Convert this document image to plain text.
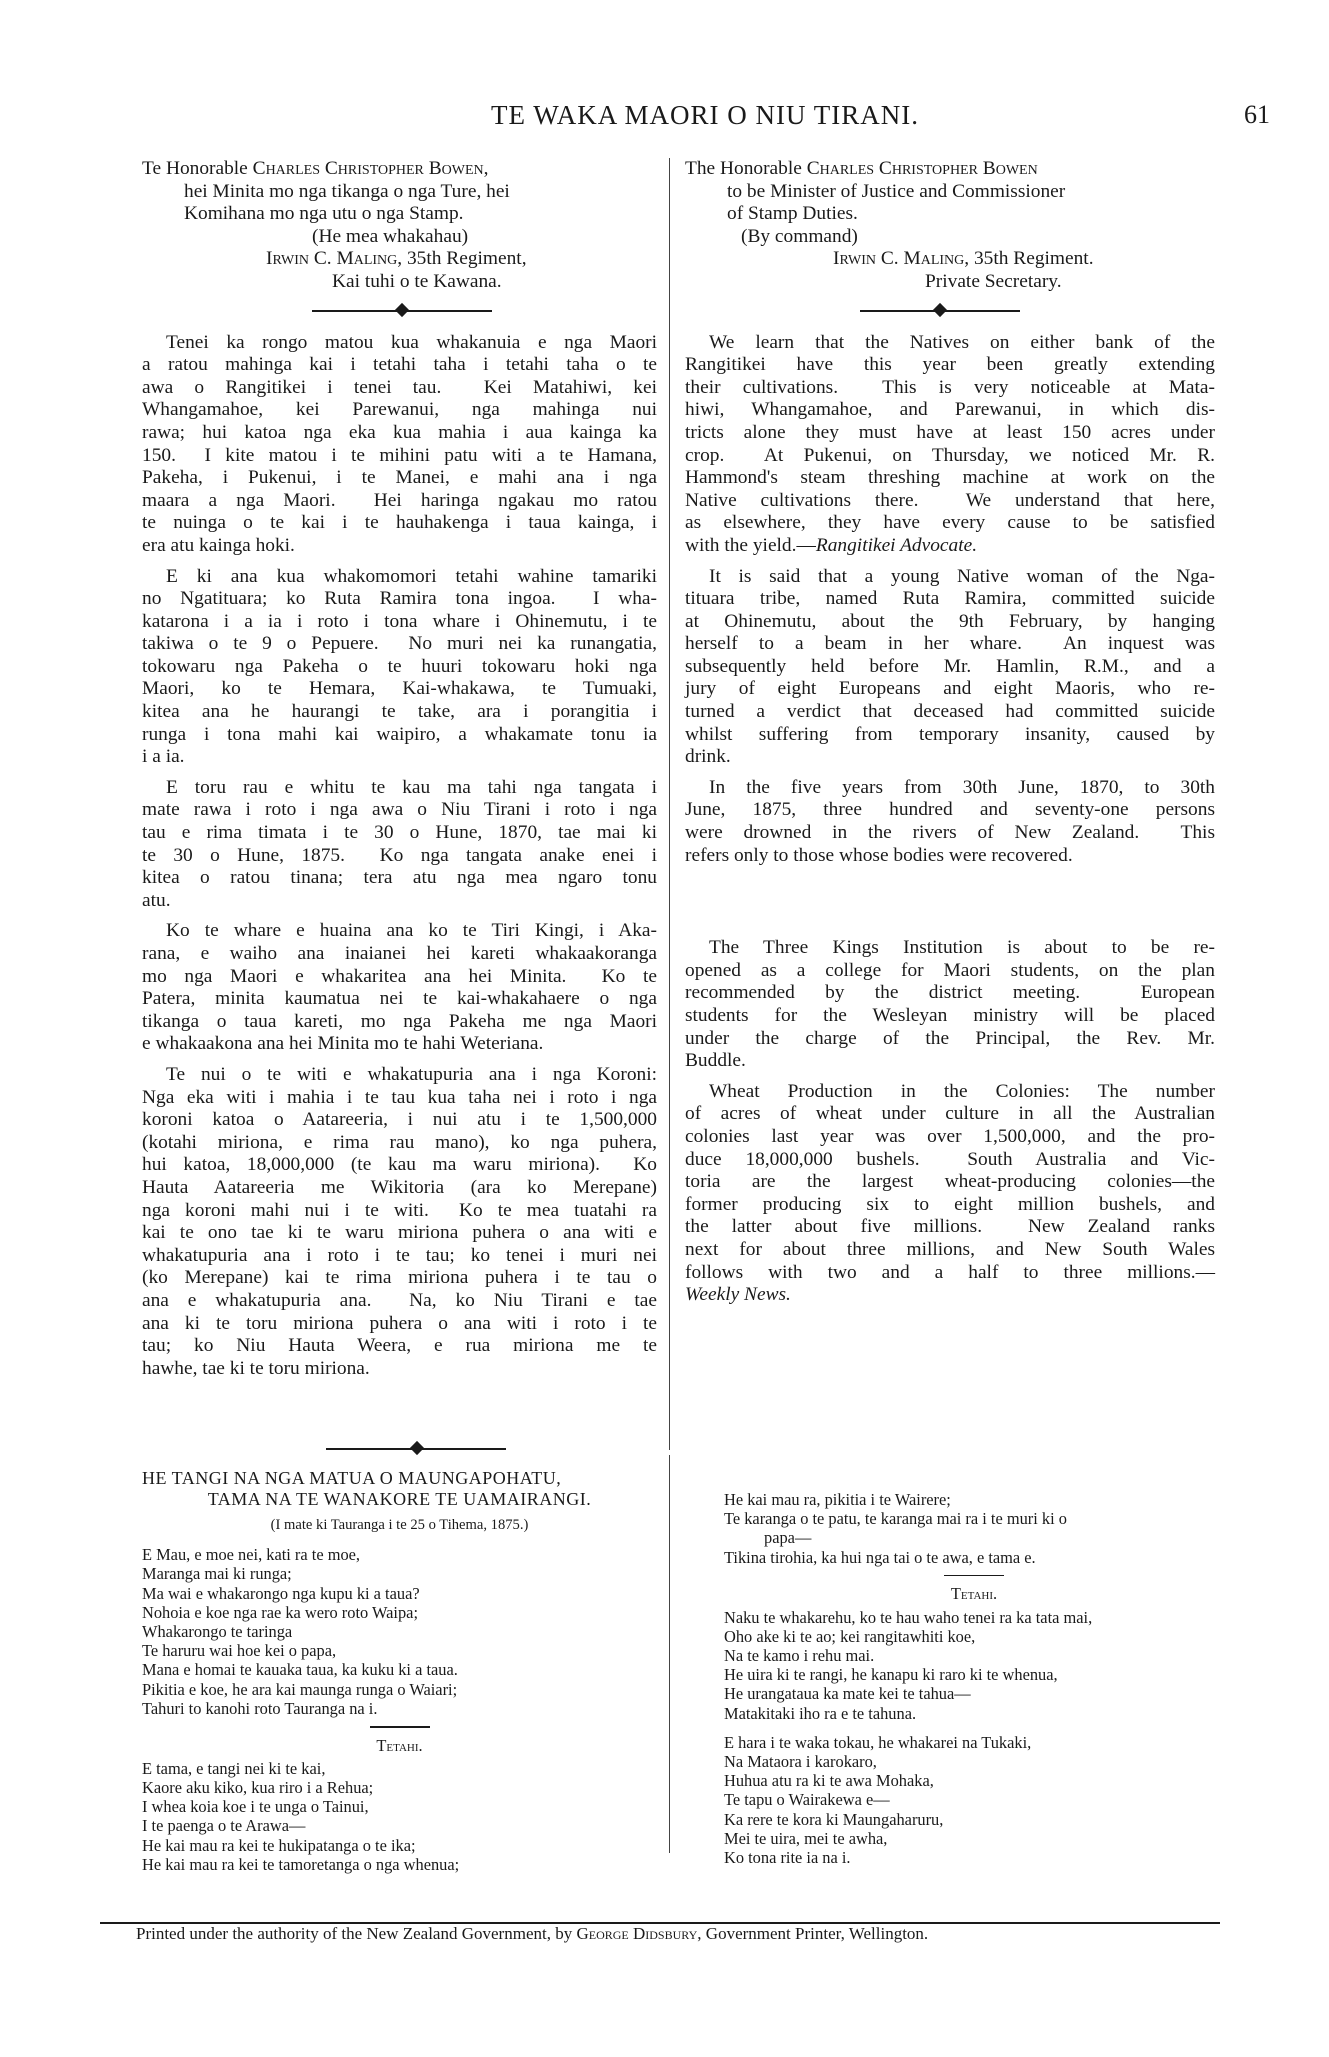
TE WAKA MAORI O NIU TIRANI.	61
Te Honorable Charles Christopher Bowen,
hei Minita mo nga tikanga o nga Ture, hei
Komihana mo nga utu o nga Stamp.
(He mea whakahau)
Irwin C. Maling, 35th Regiment,
Kai tuhi o te Kawana.
Tenei ka rongo matou kua whakanuia e nga Maori
a ratou mahinga kai i tetahi taha i tetahi taha o te
awa o Rangitikei i tenei tau.  Kei Matahiwi, kei
Whangamahoe, kei Parewanui, nga mahinga nui
rawa; hui katoa nga eka kua mahia i aua kainga ka
150.  I kite matou i te mihini patu witi a te Hamana,
Pakeha, i Pukenui, i te Manei, e mahi ana i nga
maara a nga Maori.  Hei haringa ngakau mo ratou
te nuinga o te kai i te hauhakenga i taua kainga, i
era atu kainga hoki.
E ki ana kua whakomomori tetahi wahine tamariki
no Ngatituara; ko Ruta Ramira tona ingoa.  I wha-
katarona i a ia i roto i tona whare i Ohinemutu, i te
takiwa o te 9 o Pepuere.  No muri nei ka runangatia,
tokowaru nga Pakeha o te huuri tokowaru hoki nga
Maori, ko te Hemara, Kai-whakawa, te Tumuaki,
kitea ana he haurangi te take, ara i porangitia i
runga i tona mahi kai waipiro, a whakamate tonu ia
i a ia.
E toru rau e whitu te kau ma tahi nga tangata i
mate rawa i roto i nga awa o Niu Tirani i roto i nga
tau e rima timata i te 30 o Hune, 1870, tae mai ki
te 30 o Hune, 1875.  Ko nga tangata anake enei i
kitea o ratou tinana; tera atu nga mea ngaro tonu
atu.
Ko te whare e huaina ana ko te Tiri Kingi, i Aka-
rana, e waiho ana inaianei hei kareti whakaakoranga
mo nga Maori e whakaritea ana hei Minita.  Ko te
Patera, minita kaumatua nei te kai-whakahaere o nga
tikanga o taua kareti, mo nga Pakeha me nga Maori
e whakaakona ana hei Minita mo te hahi Weteriana.
Te nui o te witi e whakatupuria ana i nga Koroni:
Nga eka witi i mahia i te tau kua taha nei i roto i nga
koroni katoa o Aatareeria, i nui atu i te 1,500,000
(kotahi miriona, e rima rau mano), ko nga puhera,
hui katoa, 18,000,000 (te kau ma waru miriona).  Ko
Hauta Aatareeria me Wikitoria (ara ko Merepane)
nga koroni mahi nui i te witi.  Ko te mea tuatahi ra
kai te ono tae ki te waru miriona puhera o ana witi e
whakatupuria ana i roto i te tau; ko tenei i muri nei
(ko Merepane) kai te rima miriona puhera i te tau o
ana e whakatupuria ana.  Na, ko Niu Tirani e tae
ana ki te toru miriona puhera o ana witi i roto i te
tau; ko Niu Hauta Weera, e rua miriona me te
hawhe, tae ki te toru miriona.
The Honorable Charles Christopher Bowen
to be Minister of Justice and Commissioner
of Stamp Duties.
(By command)
Irwin C. Maling, 35th Regiment.
Private Secretary.
We learn that the Natives on either bank of the
Rangitikei have this year been greatly extending
their cultivations.  This is very noticeable at Mata-
hiwi, Whangamahoe, and Parewanui, in which dis-
tricts alone they must have at least 150 acres under
crop.  At Pukenui, on Thursday, we noticed Mr. R.
Hammond's steam threshing machine at work on the
Native cultivations there.  We understand that here,
as elsewhere, they have every cause to be satisfied
with the yield.—Rangitikei Advocate.
It is said that a young Native woman of the Nga-
tituara tribe, named Ruta Ramira, committed suicide
at Ohinemutu, about the 9th February, by hanging
herself to a beam in her whare.  An inquest was
subsequently held before Mr. Hamlin, R.M., and a
jury of eight Europeans and eight Maoris, who re-
turned a verdict that deceased had committed suicide
whilst suffering from temporary insanity, caused by
drink.
In the five years from 30th June, 1870, to 30th
June, 1875, three hundred and seventy-one persons
were drowned in the rivers of New Zealand.  This
refers only to those whose bodies were recovered.
The Three Kings Institution is about to be re-
opened as a college for Maori students, on the plan
recommended by the district meeting.  European
students for the Wesleyan ministry will be placed
under the charge of the Principal, the Rev. Mr.
Buddle.
Wheat Production in the Colonies: The number
of acres of wheat under culture in all the Australian
colonies last year was over 1,500,000, and the pro-
duce 18,000,000 bushels.  South Australia and Vic-
toria are the largest wheat-producing colonies—the
former producing six to eight million bushels, and
the latter about five millions.  New Zealand ranks
next for about three millions, and New South Wales
follows with two and a half to three millions.—
Weekly News.
HE TANGI NA NGA MATUA O MAUNGAPOHATU,
TAMA NA TE WANAKORE TE UAMAIRANGI.
(I mate ki Tauranga i te 25 o Tihema, 1875.)
E Mau, e moe nei, kati ra te moe,
Maranga mai ki runga;
Ma wai e whakarongo nga kupu ki a taua?
Nohoia e koe nga rae ka wero roto Waipa;
Whakarongo te taringa
Te haruru wai hoe kei o papa,
Mana e homai te kauaka taua, ka kuku ki a taua.
Pikitia e koe, he ara kai maunga runga o Waiari;
Tahuri to kanohi roto Tauranga na i.
Tetahi.
E tama, e tangi nei ki te kai,
Kaore aku kiko, kua riro i a Rehua;
I whea koia koe i te unga o Tainui,
I te paenga o te Arawa—
He kai mau ra kei te hukipatanga o te ika;
He kai mau ra kei te tamoretanga o nga whenua;
He kai mau ra, pikitia i te Wairere;
Te karanga o te patu, te karanga mai ra i te muri ki o
papa—
Tikina tirohia, ka hui nga tai o te awa, e tama e.
Tetahi.
Naku te whakarehu, ko te hau waho tenei ra ka tata mai,
Oho ake ki te ao; kei rangitawhiti koe,
Na te kamo i rehu mai.
He uira ki te rangi, he kanapu ki raro ki te whenua,
He urangataua ka mate kei te tahua—
Matakitaki iho ra e te tahuna.
E hara i te waka tokau, he whakarei na Tukaki,
Na Mataora i karokaro,
Huhua atu ra ki te awa Mohaka,
Te tapu o Wairakewa e—
Ka rere te kora ki Maungaharuru,
Mei te uira, mei te awha,
Ko tona rite ia na i.
Printed under the authority of the New Zealand Government, by George Didsbury, Government Printer, Wellington.
